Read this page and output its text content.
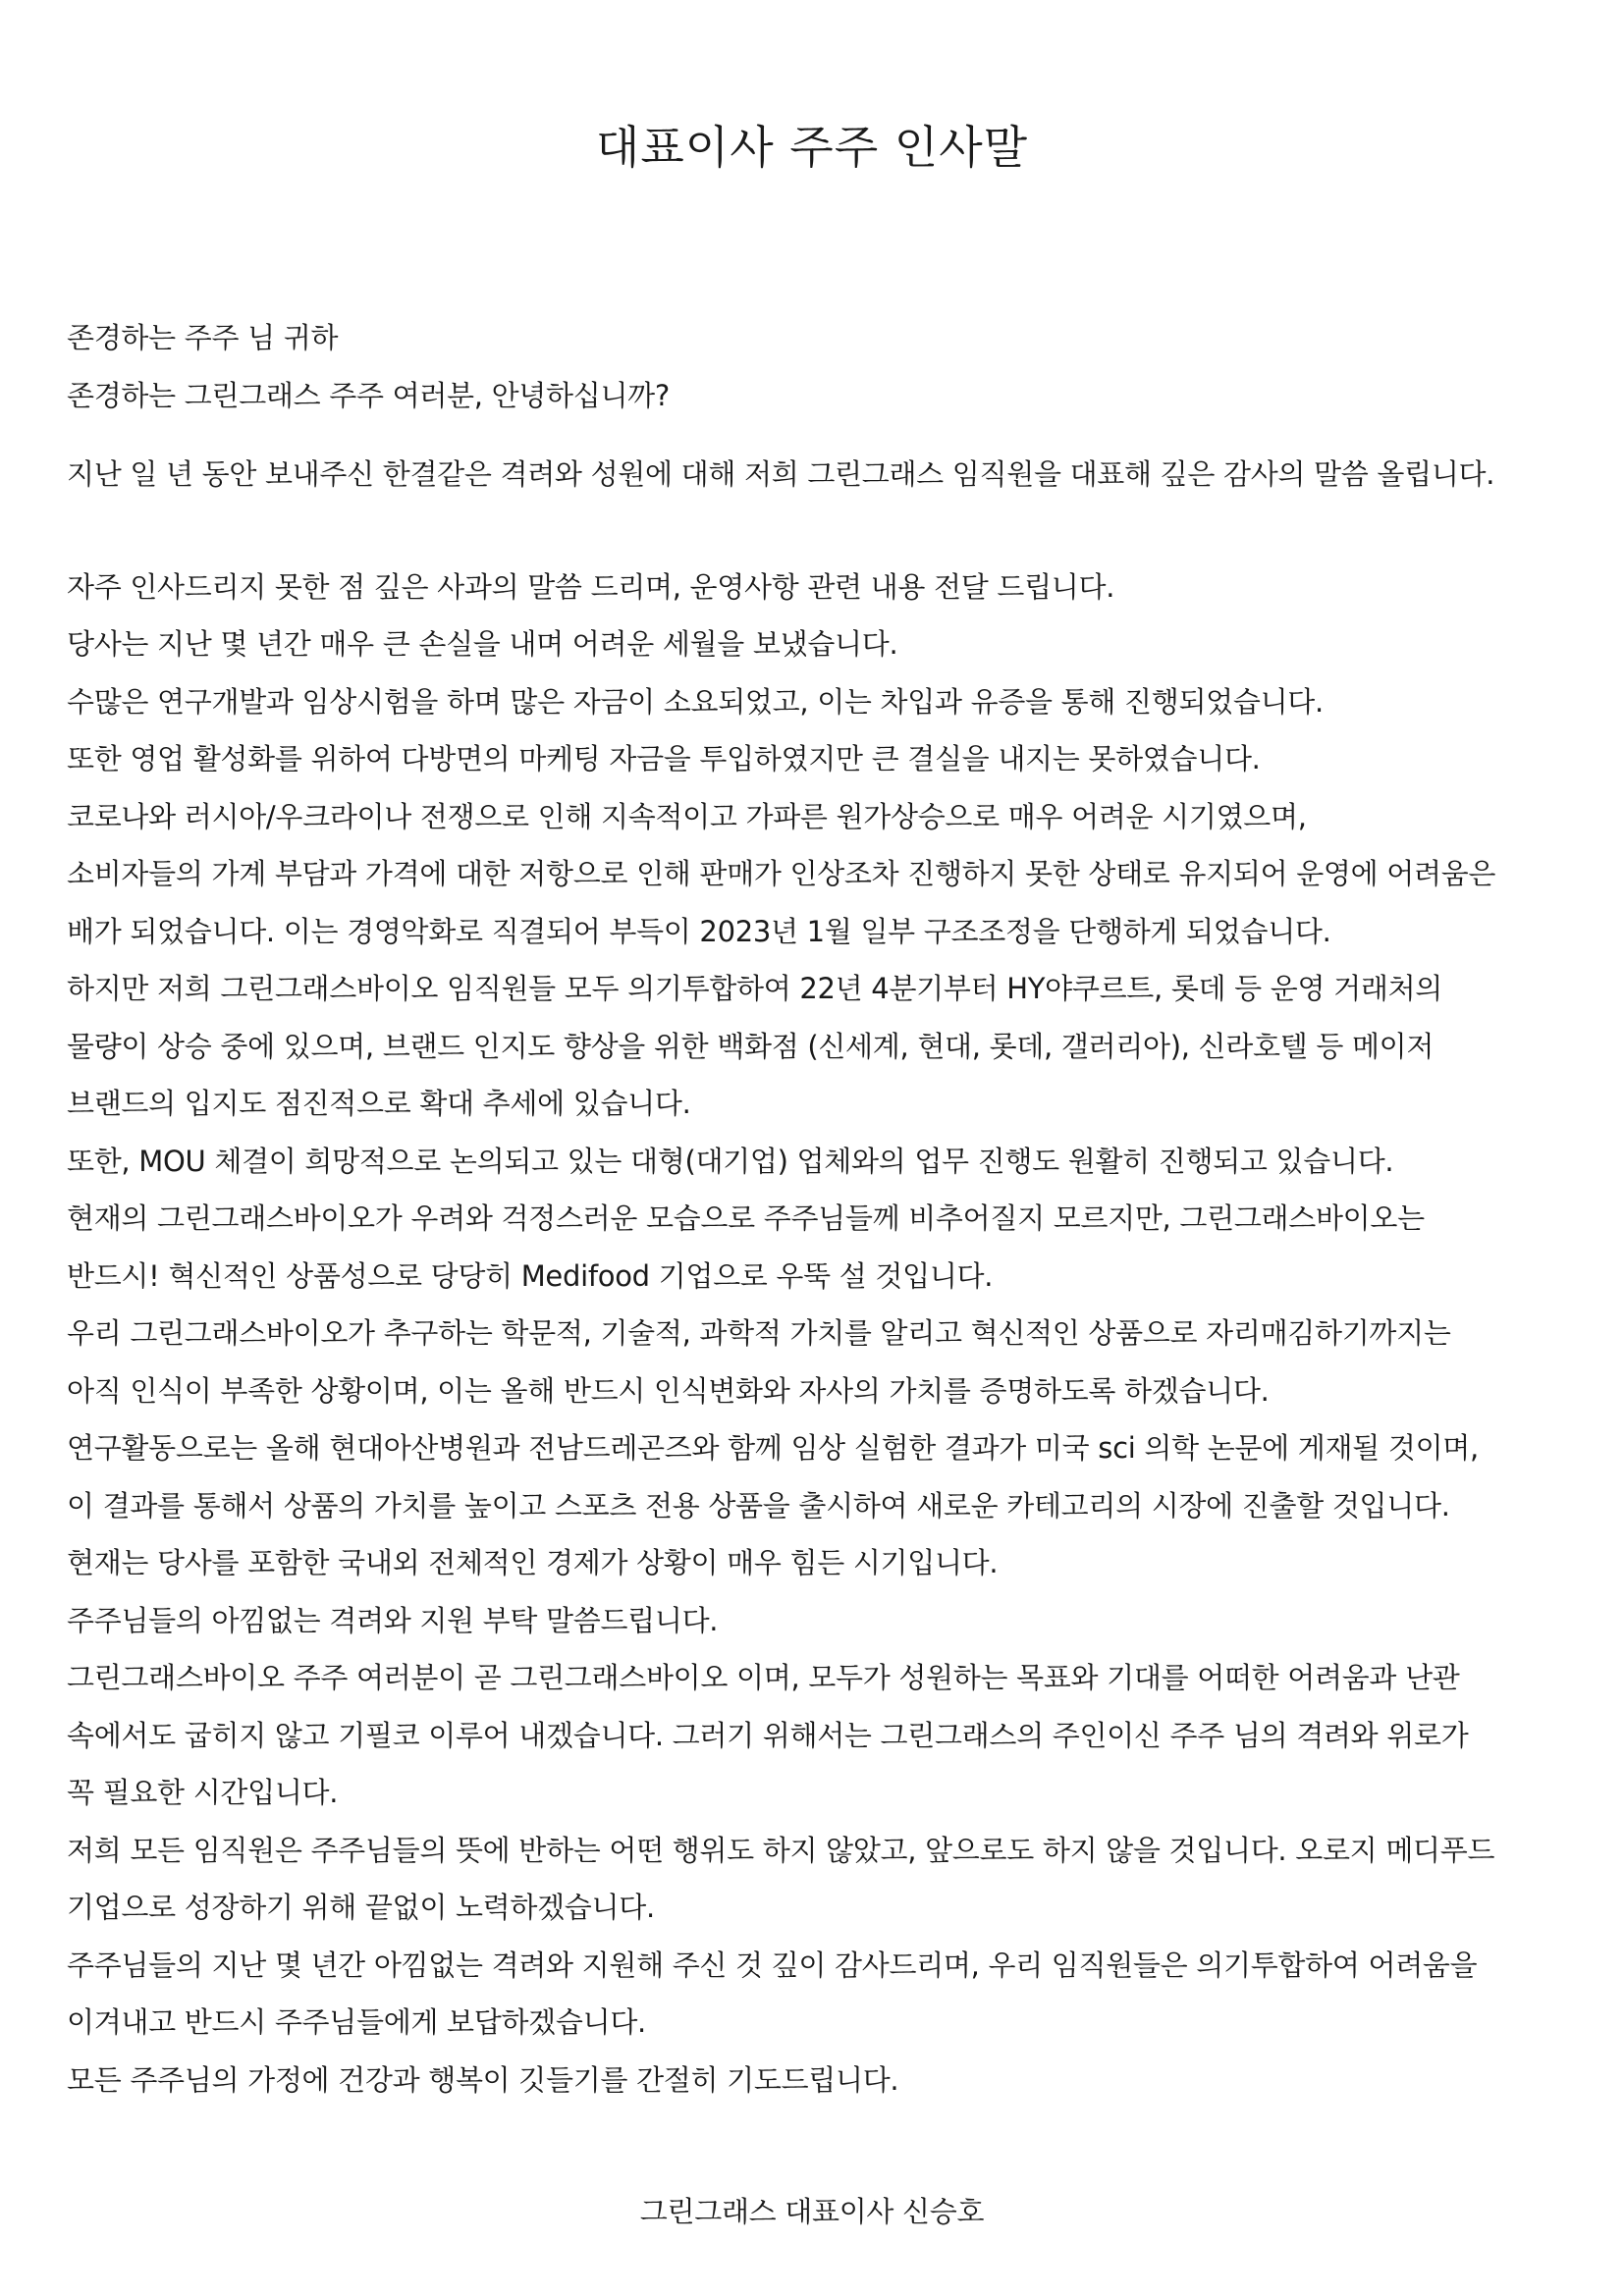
대표이사 주주 인사말
존경하는 주주 님 귀하
존경하는 그린그래스 주주 여러분, 안녕하십니까?
지난 일 년 동안 보내주신 한결같은 격려와 성원에 대해 저희 그린그래스 임직원을 대표해 깊은 감사의 말씀 올립니다.
자주 인사드리지 못한 점 깊은 사과의 말씀 드리며, 운영사항 관련 내용 전달 드립니다.
당사는 지난 몇 년간 매우 큰 손실을 내며 어려운 세월을 보냈습니다.
수많은 연구개발과 임상시험을 하며 많은 자금이 소요되었고, 이는 차입과 유증을 통해 진행되었습니다.
또한 영업 활성화를 위하여 다방면의 마케팅 자금을 투입하였지만 큰 결실을 내지는 못하였습니다.
코로나와 러시아/우크라이나 전쟁으로 인해 지속적이고 가파른 원가상승으로 매우 어려운 시기였으며,
소비자들의 가계 부담과 가격에 대한 저항으로 인해 판매가 인상조차 진행하지 못한 상태로 유지되어 운영에 어려움은
배가 되었습니다. 이는 경영악화로 직결되어 부득이 2023년 1월 일부 구조조정을 단행하게 되었습니다.
하지만 저희 그린그래스바이오 임직원들 모두 의기투합하여 22년 4분기부터 HY야쿠르트, 롯데 등 운영 거래처의
물량이 상승 중에 있으며, 브랜드 인지도 향상을 위한 백화점 (신세계, 현대, 롯데, 갤러리아), 신라호텔 등 메이저
브랜드의 입지도 점진적으로 확대 추세에 있습니다.
또한, MOU 체결이 희망적으로 논의되고 있는 대형(대기업) 업체와의 업무 진행도 원활히 진행되고 있습니다.
현재의 그린그래스바이오가 우려와 걱정스러운 모습으로 주주님들께 비추어질지 모르지만, 그린그래스바이오는
반드시! 혁신적인 상품성으로 당당히 Medifood 기업으로 우뚝 설 것입니다.
우리 그린그래스바이오가 추구하는 학문적, 기술적, 과학적 가치를 알리고 혁신적인 상품으로 자리매김하기까지는
아직 인식이 부족한 상황이며, 이는 올해 반드시 인식변화와 자사의 가치를 증명하도록 하겠습니다.
연구활동으로는 올해 현대아산병원과 전남드레곤즈와 함께 임상 실험한 결과가 미국 sci 의학 논문에 게재될 것이며,
이 결과를 통해서 상품의 가치를 높이고 스포츠 전용 상품을 출시하여 새로운 카테고리의 시장에 진출할 것입니다.
현재는 당사를 포함한 국내외 전체적인 경제가 상황이 매우 힘든 시기입니다.
주주님들의 아낌없는 격려와 지원 부탁 말씀드립니다.
그린그래스바이오 주주 여러분이 곧 그린그래스바이오 이며, 모두가 성원하는 목표와 기대를 어떠한 어려움과 난관
속에서도 굽히지 않고 기필코 이루어 내겠습니다. 그러기 위해서는 그린그래스의 주인이신 주주 님의 격려와 위로가
꼭 필요한 시간입니다.
저희 모든 임직원은 주주님들의 뜻에 반하는 어떤 행위도 하지 않았고, 앞으로도 하지 않을 것입니다. 오로지 메디푸드
기업으로 성장하기 위해 끝없이 노력하겠습니다.
주주님들의 지난 몇 년간 아낌없는 격려와 지원해 주신 것 깊이 감사드리며, 우리 임직원들은 의기투합하여 어려움을
이겨내고 반드시 주주님들에게 보답하겠습니다.
모든 주주님의 가정에 건강과 행복이 깃들기를 간절히 기도드립니다.
그린그래스 대표이사 신승호
